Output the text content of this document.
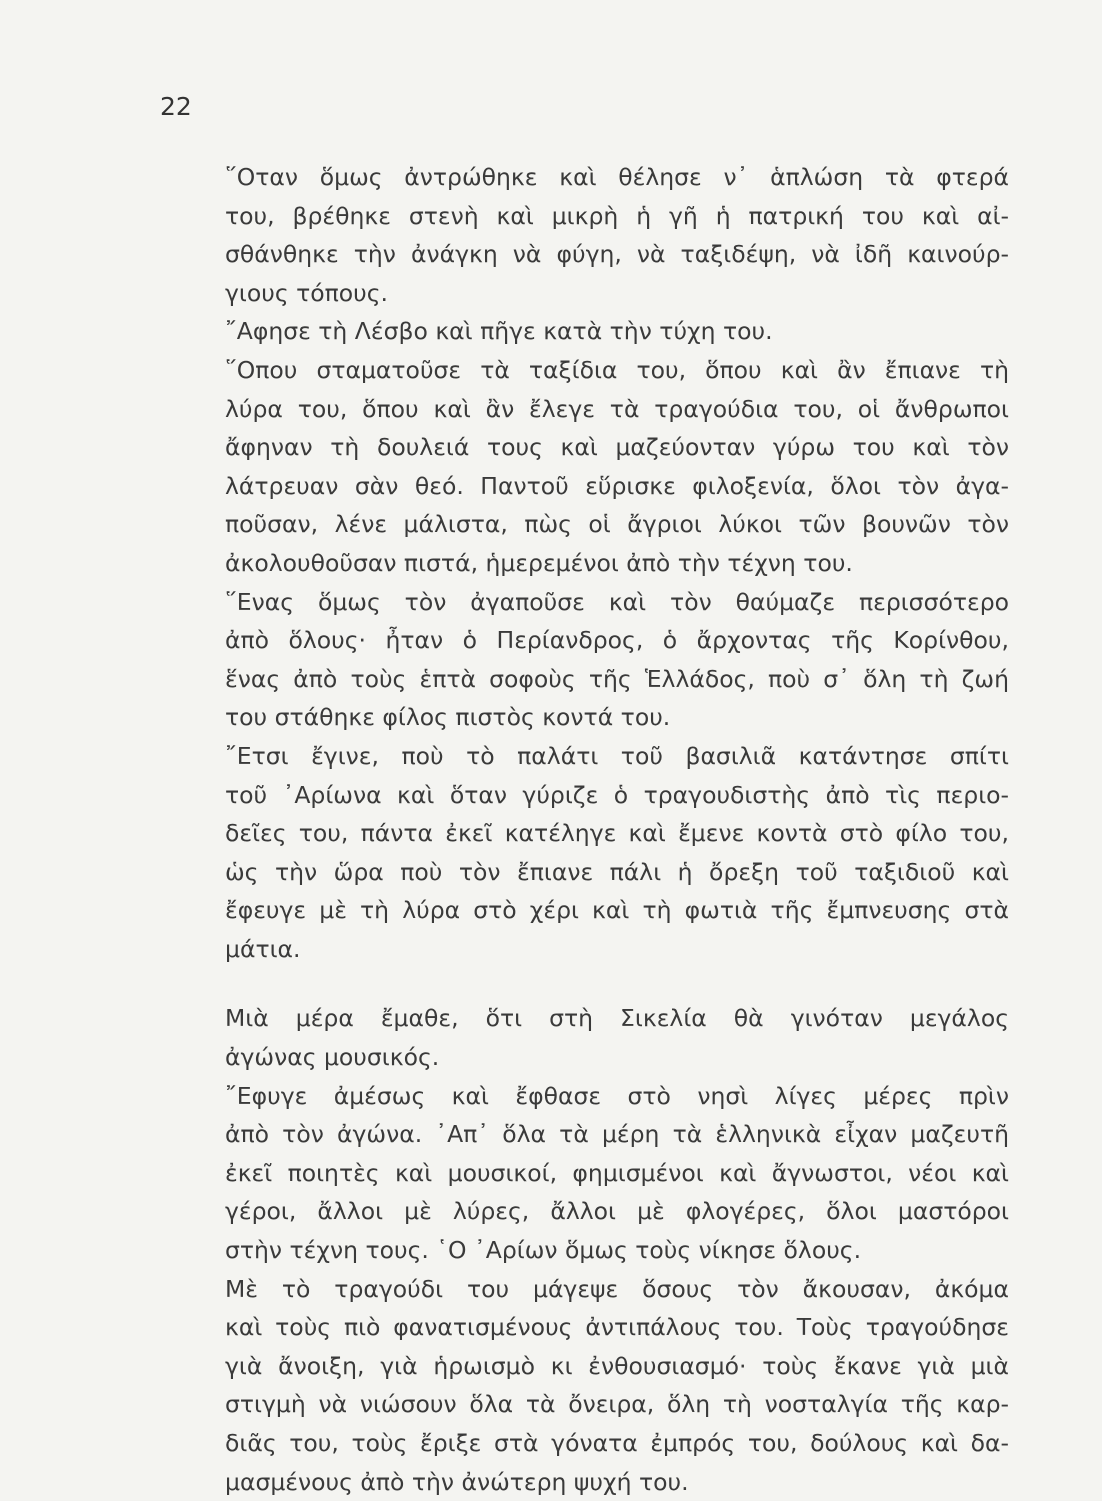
22

῞Οταν ὅμως ἀντρώθηκε καὶ θέλησε ν᾿ ἁπλώση τὰ φτερά
του, βρέθηκε στενὴ καὶ μικρὴ ἡ γῆ ἡ πατρική του καὶ αἰ-
σθάνθηκε τὴν ἀνάγκη νὰ φύγη, νὰ ταξιδέψη, νὰ ἰδῆ καινούρ-
γιους τόπους.

῎Αφησε τὴ Λέσβο καὶ πῆγε κατὰ τὴν τύχη του.

῞Οπου σταματοῦσε τὰ ταξίδια του, ὅπου καὶ ἂν ἔπιανε τὴ
λύρα του, ὅπου καὶ ἂν ἔλεγε τὰ τραγούδια του, οἱ ἄνθρωποι
ἄφηναν τὴ δουλειά τους καὶ μαζεύονταν γύρω του καὶ τὸν
λάτρευαν σὰν θεό. Παντοῦ εὕρισκε φιλοξενία, ὅλοι τὸν ἀγα-
ποῦσαν, λένε μάλιστα, πὼς οἱ ἄγριοι λύκοι τῶν βουνῶν τὸν
ἀκολουθοῦσαν πιστά, ἡμερεμένοι ἀπὸ τὴν τέχνη του.

῞Ενας ὅμως τὸν ἀγαποῦσε καὶ τὸν θαύμαζε περισσότερο
ἀπὸ ὅλους· ἦταν ὁ Περίανδρος, ὁ ἄρχοντας τῆς Κορίνθου,
ἕνας ἀπὸ τοὺς ἑπτὰ σοφοὺς τῆς Ἑλλάδος, ποὺ σ᾿ ὅλη τὴ ζωή
του στάθηκε φίλος πιστὸς κοντά του.

῎Ετσι ἔγινε, ποὺ τὸ παλάτι τοῦ βασιλιᾶ κατάντησε σπίτι
τοῦ ᾿Αρίωνα καὶ ὅταν γύριζε ὁ τραγουδιστὴς ἀπὸ τὶς περιο-
δεῖες του, πάντα ἐκεῖ κατέληγε καὶ ἔμενε κοντὰ στὸ φίλο του,
ὡς τὴν ὥρα ποὺ τὸν ἔπιανε πάλι ἡ ὄρεξη τοῦ ταξιδιοῦ καὶ
ἔφευγε μὲ τὴ λύρα στὸ χέρι καὶ τὴ φωτιὰ τῆς ἔμπνευσης στὰ
μάτια.

Μιὰ μέρα ἔμαθε, ὅτι στὴ Σικελία θὰ γινόταν μεγάλος
ἀγώνας μουσικός.

῎Εφυγε ἀμέσως καὶ ἔφθασε στὸ νησὶ λίγες μέρες πρὶν
ἀπὸ τὸν ἀγώνα. ᾿Απ᾿ ὅλα τὰ μέρη τὰ ἑλληνικὰ εἶχαν μαζευτῆ
ἐκεῖ ποιητὲς καὶ μουσικοί, φημισμένοι καὶ ἄγνωστοι, νέοι καὶ
γέροι, ἄλλοι μὲ λύρες, ἄλλοι μὲ φλογέρες, ὅλοι μαστόροι
στὴν τέχνη τους. ῾Ο ᾿Αρίων ὅμως τοὺς νίκησε ὅλους.

Μὲ τὸ τραγούδι του μάγεψε ὅσους τὸν ἄκουσαν, ἀκόμα
καὶ τοὺς πιὸ φανατισμένους ἀντιπάλους του. Τοὺς τραγούδησε
γιὰ ἄνοιξη, γιὰ ἡρωισμὸ κι ἐνθουσιασμό· τοὺς ἔκανε γιὰ μιὰ
στιγμὴ νὰ νιώσουν ὅλα τὰ ὄνειρα, ὅλη τὴ νοσταλγία τῆς καρ-
διᾶς του, τοὺς ἔριξε στὰ γόνατα ἐμπρός του, δούλους καὶ δα-
μασμένους ἀπὸ τὴν ἀνώτερη ψυχή του.
